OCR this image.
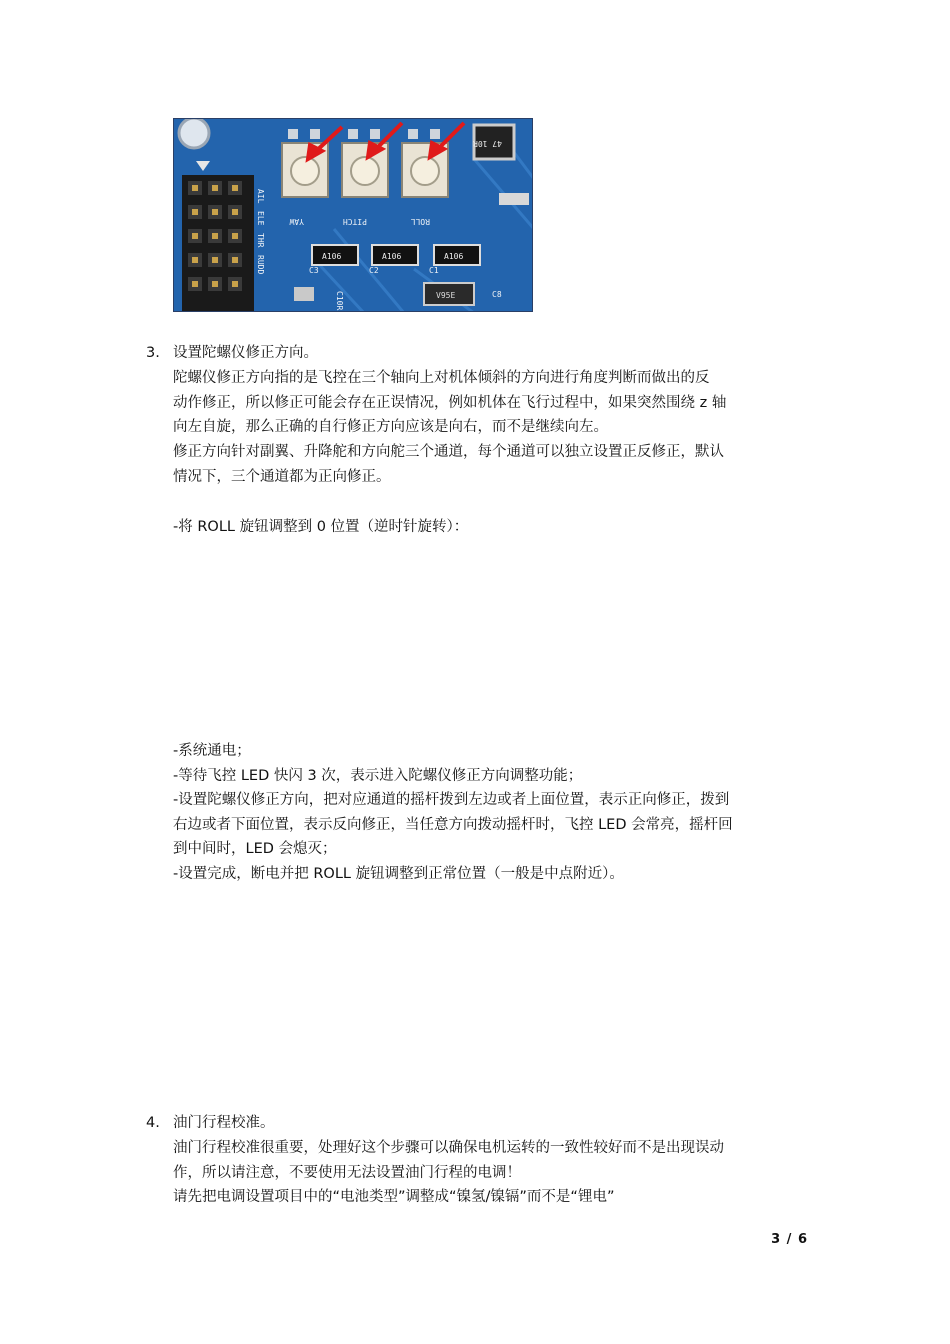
AIL
ELE
THR
RUDD
YAW	PITCH	ROLL
C3	C2	C1
C10R	C8
A106	A106	A106
47 10R
V95E

3. 设置陀螺仪修正方向。

陀螺仪修正方向指的是飞控在三个轴向上对机体倾斜的方向进行角度判断而做出的反
动作修正，所以修正可能会存在正误情况，例如机体在飞行过程中，如果突然围绕 z 轴
向左自旋，那么正确的自行修正方向应该是向右，而不是继续向左。

修正方向针对副翼、升降舵和方向舵三个通道，每个通道可以独立设置正反修正，默认
情况下，三个通道都为正向修正。

-将 ROLL 旋钮调整到 0 位置（逆时针旋转）：

-系统通电；
-等待飞控 LED 快闪 3 次，表示进入陀螺仪修正方向调整功能；
-设置陀螺仪修正方向，把对应通道的摇杆拨到左边或者上面位置，表示正向修正，拨到
右边或者下面位置，表示反向修正，当任意方向拨动摇杆时，飞控 LED 会常亮，摇杆回
到中间时，LED 会熄灭；
-设置完成，断电并把 ROLL 旋钮调整到正常位置（一般是中点附近）。

4. 油门行程校准。

油门行程校准很重要，处理好这个步骤可以确保电机运转的一致性较好而不是出现误动
作，所以请注意，不要使用无法设置油门行程的电调！
请先把电调设置项目中的“电池类型”调整成“镍氢/镍镉”而不是“锂电”

3 / 6
